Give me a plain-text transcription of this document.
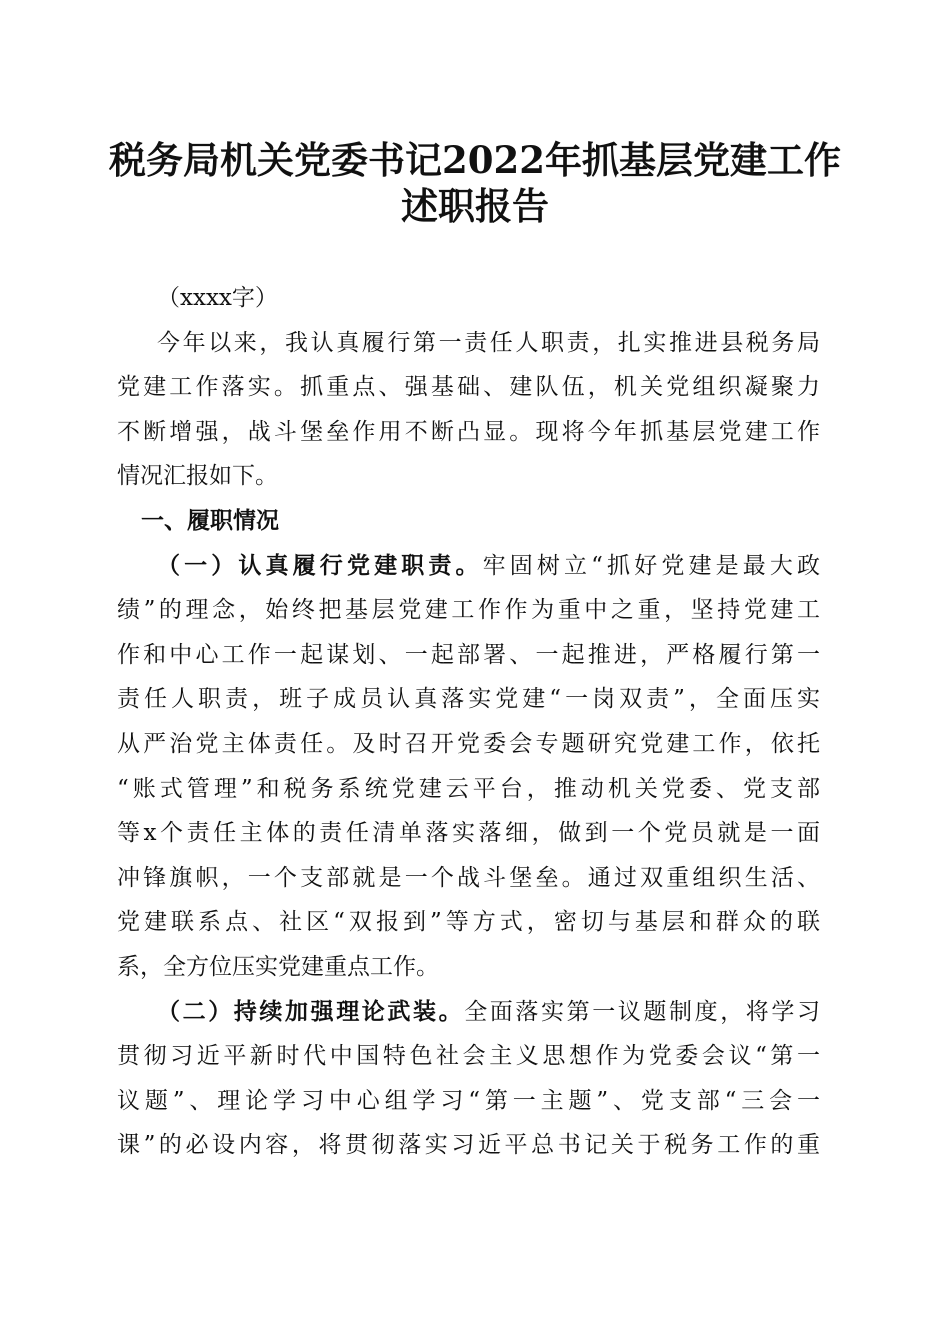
税务局机关党委书记2022年抓基层党建工作
述职报告
（xxxx字）
今年以来，我认真履行第一责任人职责，扎实推进县税务局
党建工作落实。抓重点、强基础、建队伍，机关党组织凝聚力
不断增强，战斗堡垒作用不断凸显。现将今年抓基层党建工作
情况汇报如下。
一、履职情况
（一）认真履行党建职责。牢固树立“抓好党建是最大政
绩”的理念，始终把基层党建工作作为重中之重，坚持党建工
作和中心工作一起谋划、一起部署、一起推进，严格履行第一
责任人职责，班子成员认真落实党建“一岗双责”，全面压实
从严治党主体责任。及时召开党委会专题研究党建工作，依托
“账式管理”和税务系统党建云平台，推动机关党委、党支部
等x个责任主体的责任清单落实落细，做到一个党员就是一面
冲锋旗帜，一个支部就是一个战斗堡垒。通过双重组织生活、
党建联系点、社区“双报到”等方式，密切与基层和群众的联
系，全方位压实党建重点工作。
（二）持续加强理论武装。全面落实第一议题制度，将学习
贯彻习近平新时代中国特色社会主义思想作为党委会议“第一
议题”、理论学习中心组学习“第一主题”、党支部“三会一
课”的必设内容，将贯彻落实习近平总书记关于税务工作的重
